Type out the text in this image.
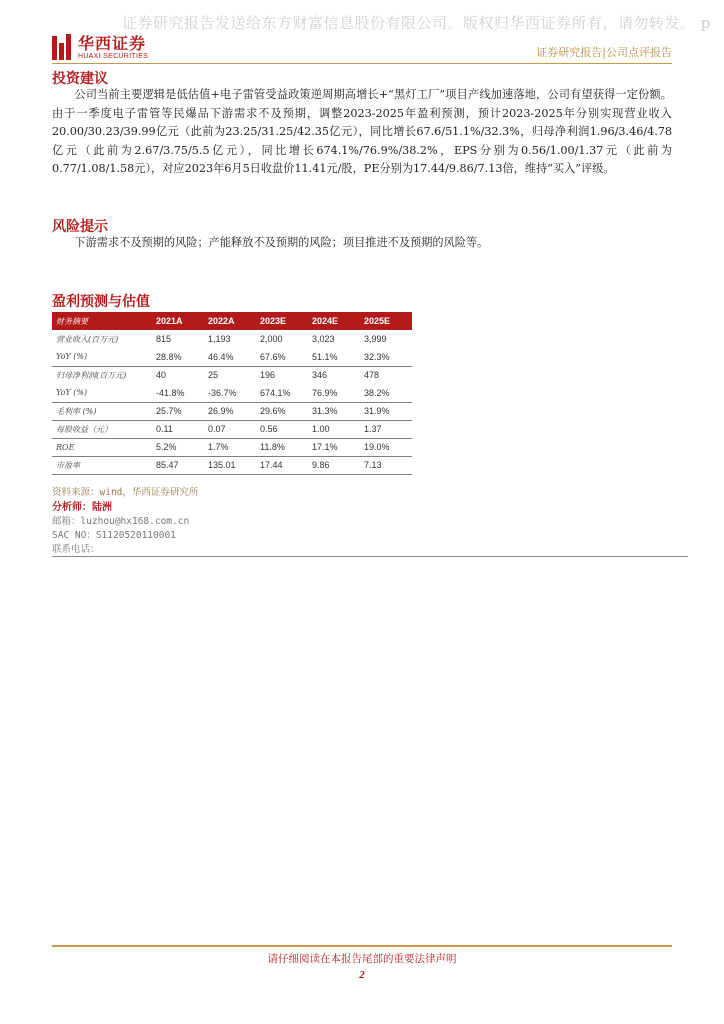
证券研究报告发送给东方财富信息股份有限公司。版权归华西证券所有，请勿转发。 p
华西证券
HUAXI SECURITIES	证券研究报告|公司点评报告
投资建议
公司当前主要逻辑是低估值+电子雷管受益政策逆周期高增长+“黑灯工厂”项目产线加速落地，公司有望获得一定份额。由于一季度电子雷管等民爆品下游需求不及预期，调整2023-2025年盈利预测，预计2023-2025年分别实现营业收入20.00/30.23/39.99亿元（此前为23.25/31.25/42.35亿元），同比增长67.6/51.1%/32.3%，归母净利润1.96/3.46/4.78亿元（此前为2.67/3.75/5.5亿元），同比增长674.1%/76.9%/38.2%，EPS分别为0.56/1.00/1.37元（此前为0.77/1.08/1.58元），对应2023年6月5日收盘价11.41元/股，PE分别为17.44/9.86/7.13倍，维持“买入”评级。
风险提示
下游需求不及预期的风险；产能释放不及预期的风险；项目推进不及预期的风险等。
盈利预测与估值
财务摘要	2021A	2022A	2023E	2024E	2025E
营业收入(百万元)	815	1,193	2,000	3,023	3,999
YoY (%)	28.8%	46.4%	67.6%	51.1%	32.3%
归母净利润(百万元)	40	25	196	346	478
YoY (%)	-41.8%	-36.7%	674.1%	76.9%	38.2%
毛利率 (%)	25.7%	26.9%	29.6%	31.3%	31.9%
每股收益（元）	0.11	0.07	0.56	1.00	1.37
ROE	5.2%	1.7%	11.8%	17.1%	19.0%
市盈率	85.47	135.01	17.44	9.86	7.13
资料来源：wind，华西证券研究所
分析师：陆洲
邮箱：luzhou@hx168.com.cn
SAC NO：S1120520110001
联系电话：
请仔细阅读在本报告尾部的重要法律声明
2
